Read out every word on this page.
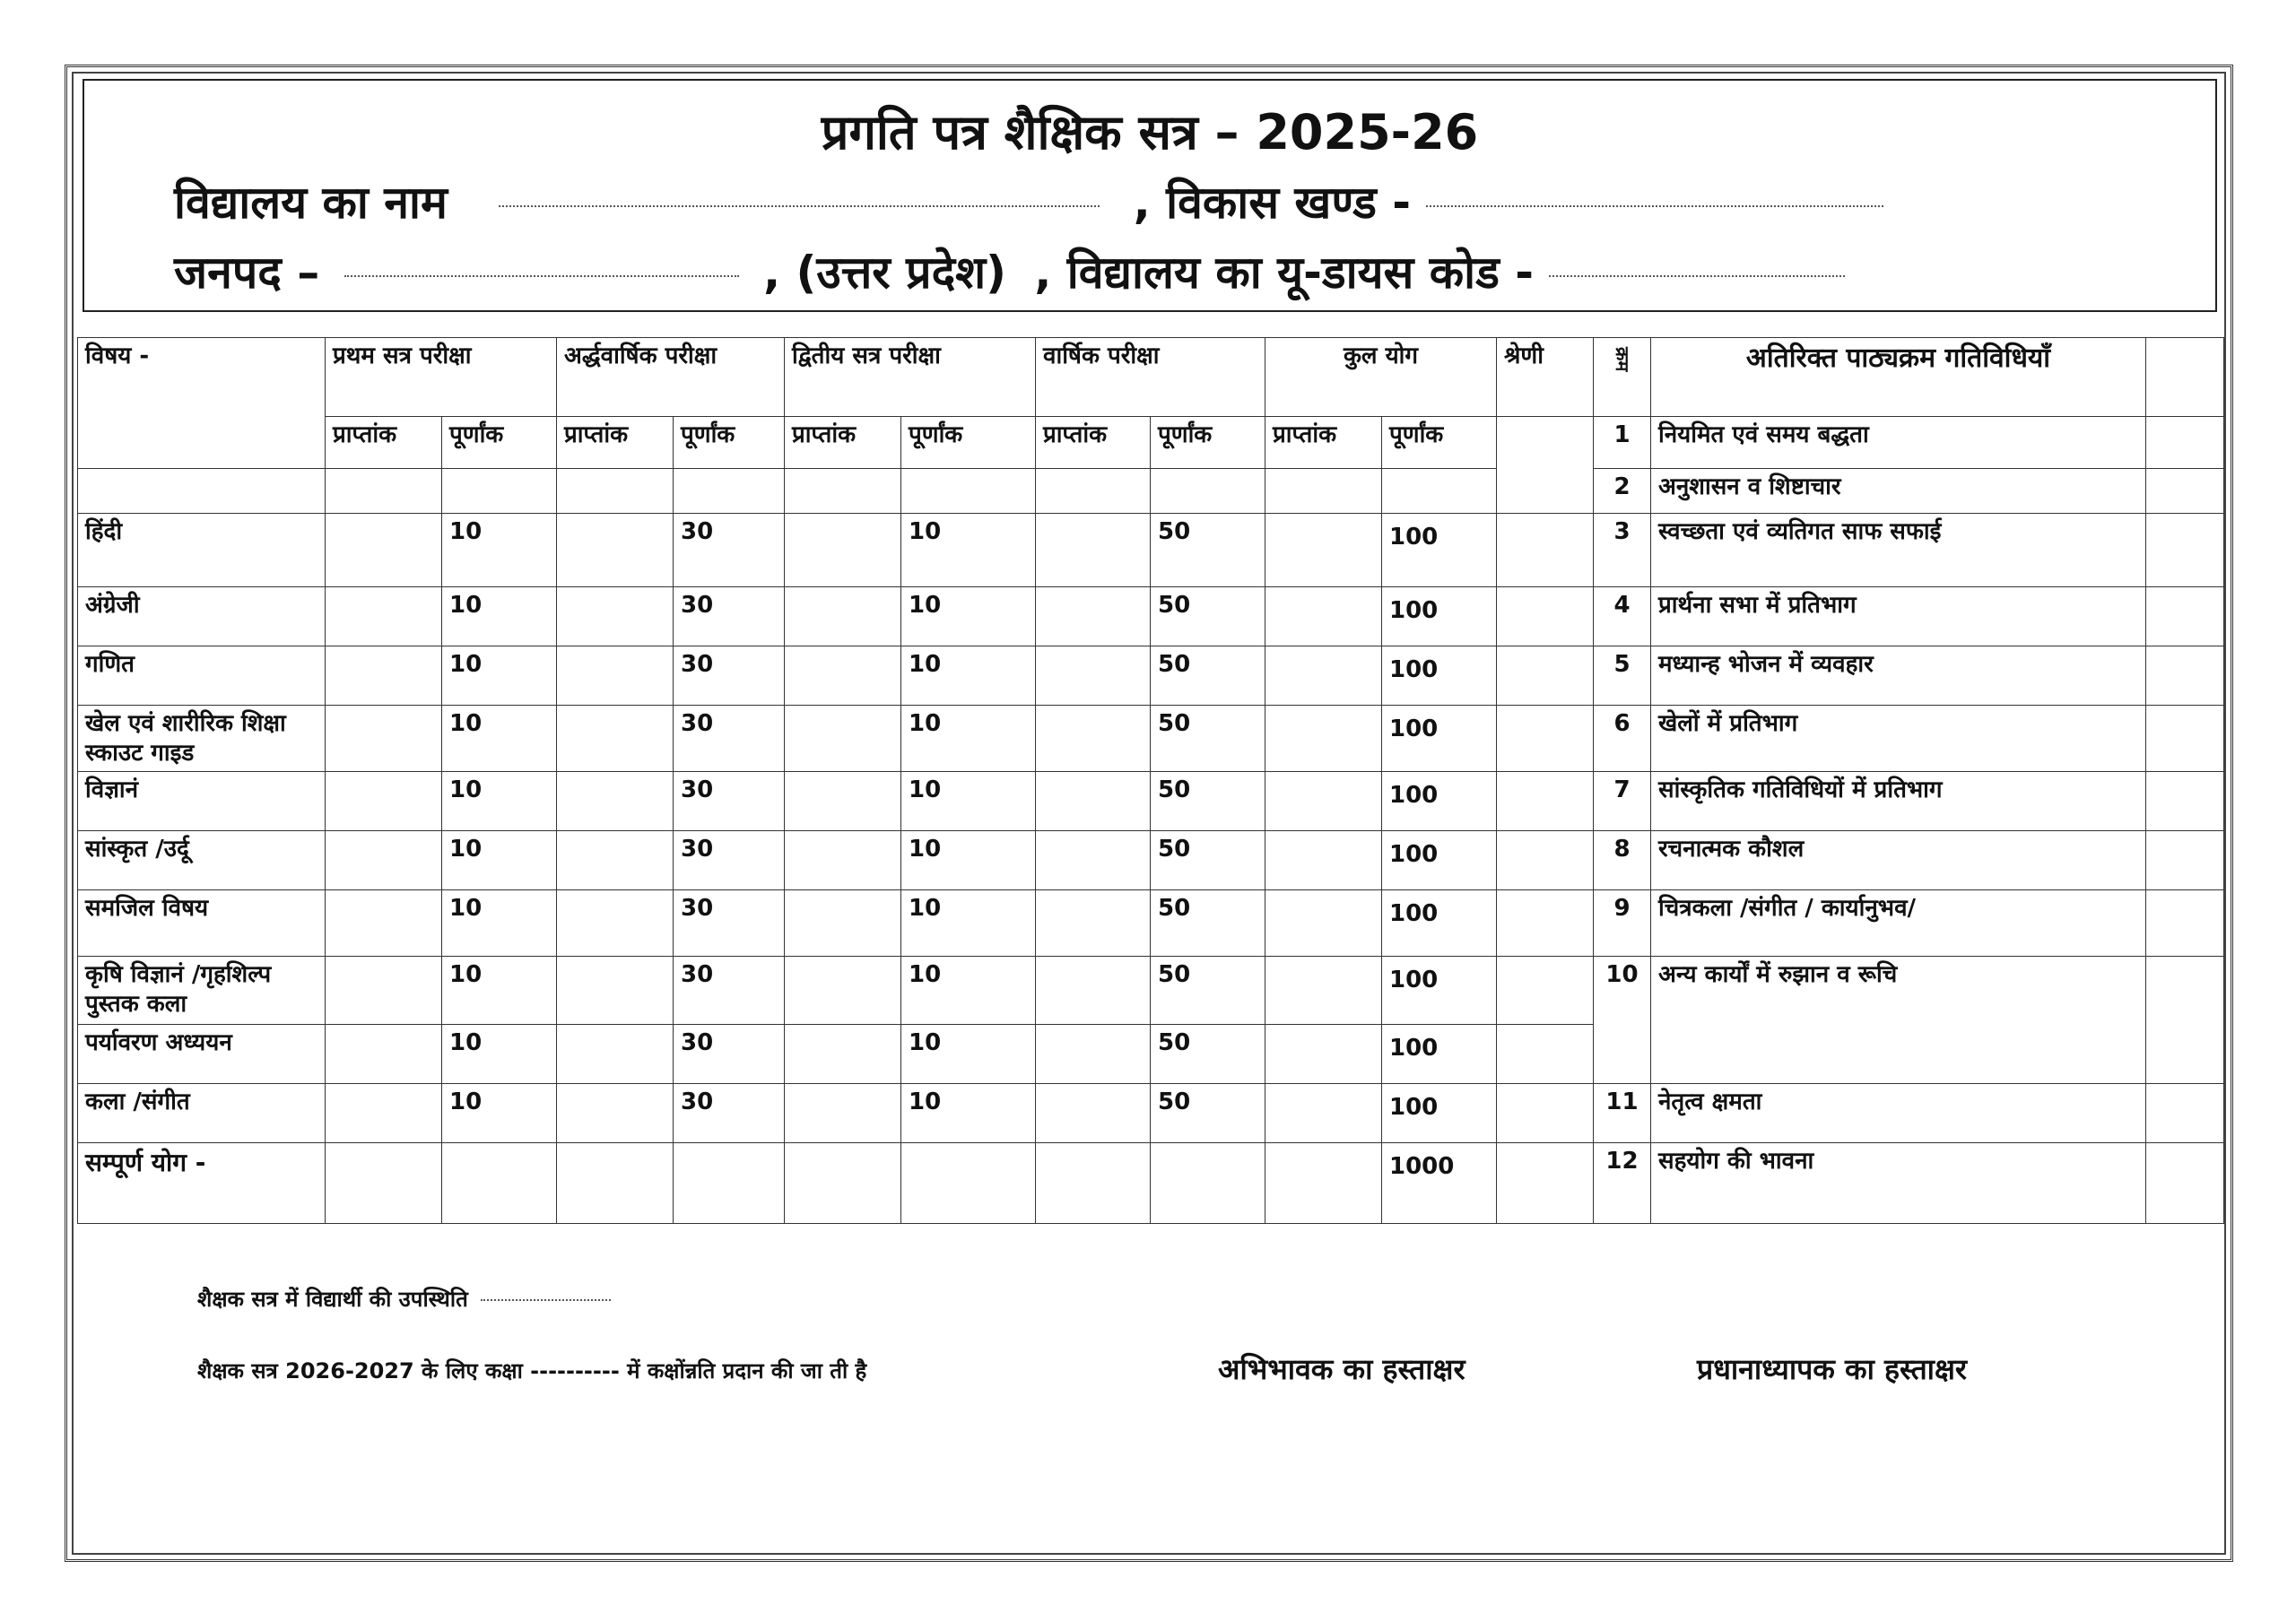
प्रगति पत्र शैक्षिक सत्र – 2025-26
विद्यालय का नाम	, विकास खण्ड -
जनपद –	, (उत्तर प्रदेश) , विद्यालय का यू-डायस कोड -
विषय -	प्रथम सत्र परीक्षा		अर्द्धवार्षिक परीक्षा		द्वितीय सत्र परीक्षा		वार्षिक परीक्षा		कुल योग		श्रेणी	क्रम	अतिरिक्त पाठ्यक्रम गतिविधियाँ	
	प्राप्तांक	पूर्णांक	प्राप्तांक	पूर्णांक	प्राप्तांक	पूर्णांक	प्राप्तांक	पूर्णांक	प्राप्तांक	पूर्णांक		1	नियमित एवं समय बद्धता	
												2	अनुशासन व शिष्टाचार	
हिंदी		10		30		10		50		100		3	स्वच्छता एवं व्यतिगत साफ सफाई	
अंग्रेजी		10		30		10		50		100		4	प्रार्थना सभा में प्रतिभाग	
गणित		10		30		10		50		100		5	मध्यान्ह भोजन में व्यवहार	
खेल एवं शारीरिक शिक्षा स्काउट गाइड		10		30		10		50		100		6	खेलों में प्रतिभाग	
विज्ञानं		10		30		10		50		100		7	सांस्कृतिक गतिविधियों में प्रतिभाग	
सांस्कृत /उर्दू		10		30		10		50		100		8	रचनात्मक कौशल	
समजिल विषय		10		30		10		50		100		9	चित्रकला /संगीत / कार्यानुभव/	
कृषि विज्ञानं /गृहशिल्प पुस्तक कला		10		30		10		50		100		10	अन्य कार्यों में रुझान व रूचि	
पर्यावरण अध्ययन		10		30		10		50		100				
कला /संगीत		10		30		10		50		100		11	नेतृत्व क्षमता	
सम्पूर्ण योग -										1000		12	सहयोग की भावना	
शैक्षक सत्र में विद्यार्थी की उपस्थिति
शैक्षक सत्र 2026-2027 के लिए कक्षा ---------- में कक्षोंन्नति प्रदान की जा ती है	अभिभावक का हस्ताक्षर	प्रधानाध्यापक का हस्ताक्षर
